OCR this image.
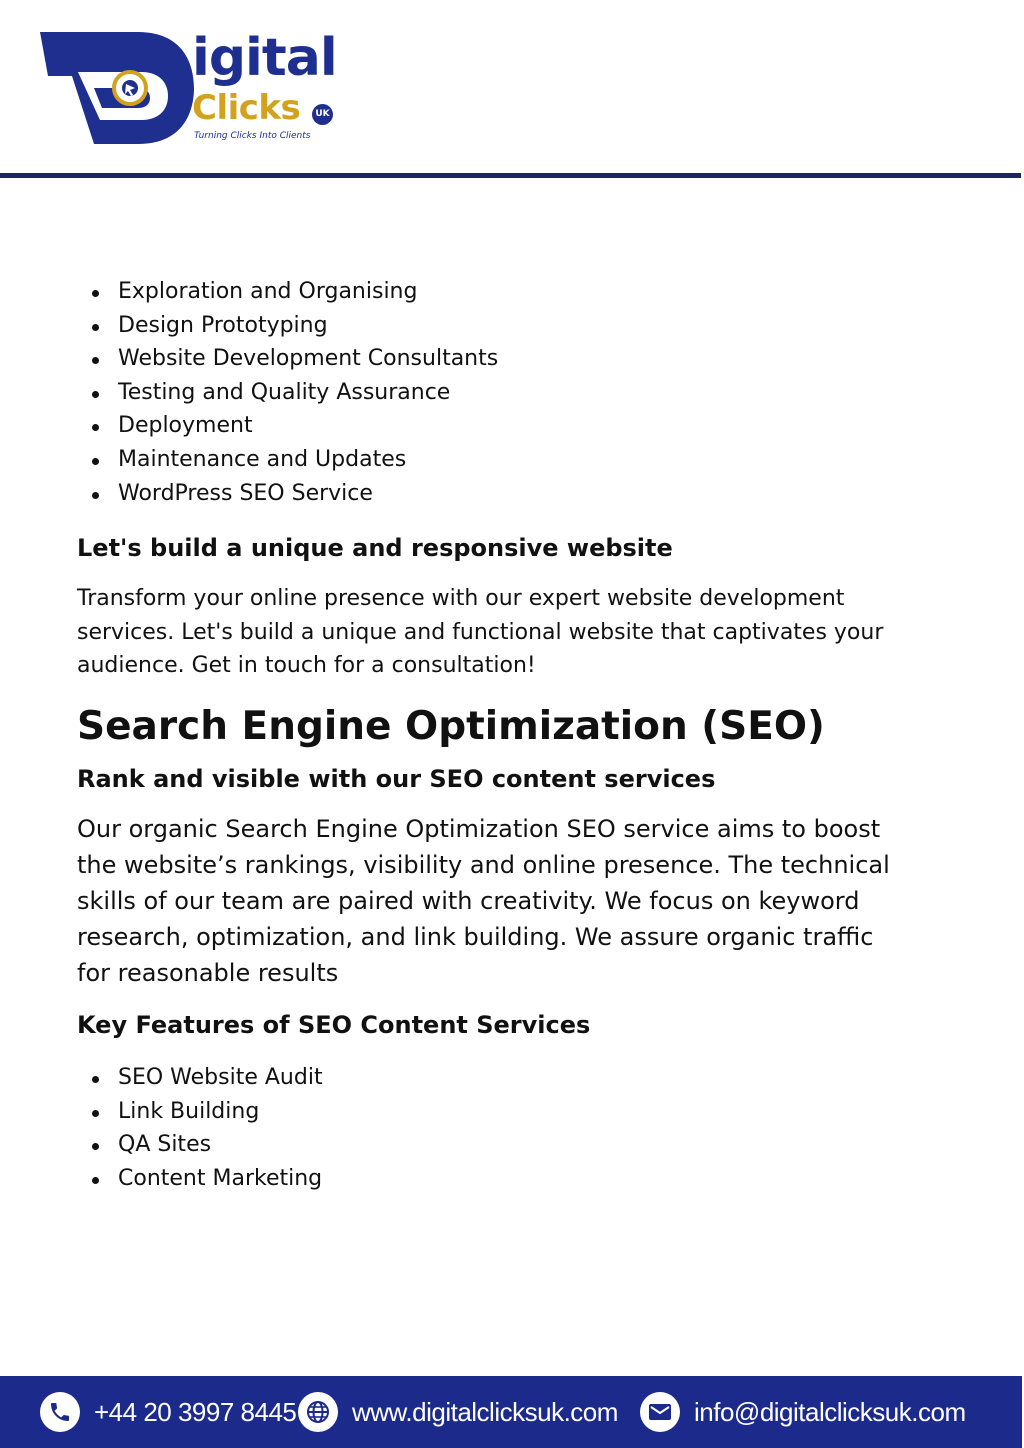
igital
Clicks	UK
Turning Clicks Into Clients
Exploration and Organising
Design Prototyping
Website Development Consultants
Testing and Quality Assurance
Deployment
Maintenance and Updates
WordPress SEO Service
Let's build a unique and responsive website
Transform your online presence with our expert website development
services. Let's build a unique and functional website that captivates your
audience. Get in touch for a consultation!
Search Engine Optimization (SEO)
Rank and visible with our SEO content services
Our organic Search Engine Optimization SEO service aims to boost
the website’s rankings, visibility and online presence. The technical
skills of our team are paired with creativity. We focus on keyword
research, optimization, and link building. We assure organic traffic
for reasonable results
Key Features of SEO Content Services
SEO Website Audit
Link Building
QA Sites
Content Marketing
+44 20 3997 8445 www.digitalclicksuk.com	info@digitalclicksuk.com
